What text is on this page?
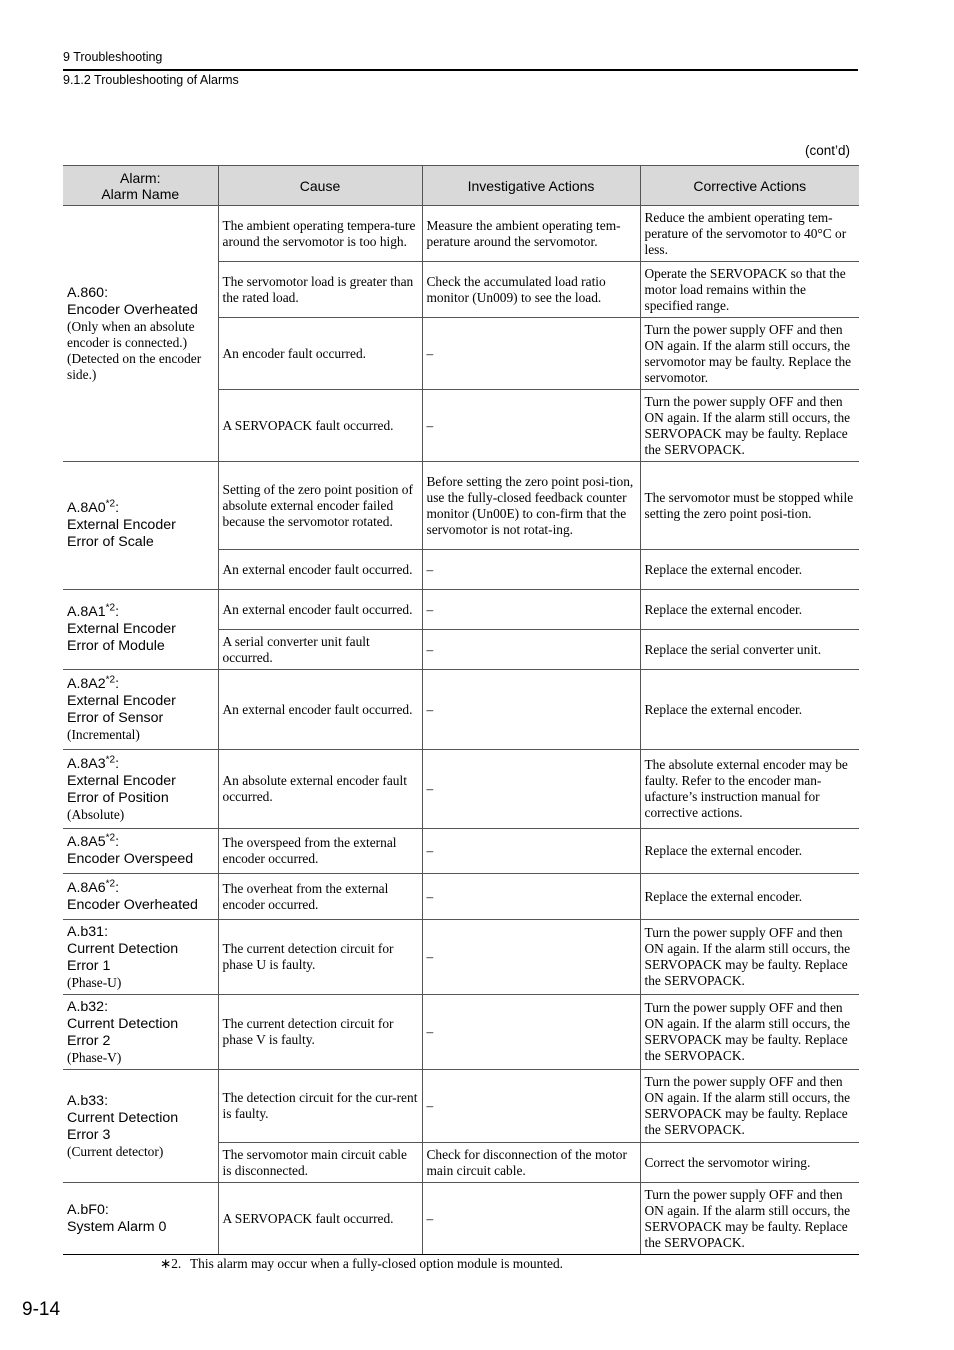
9 Troubleshooting
9.1.2 Troubleshooting of Alarms
(cont’d)
Alarm:
Alarm Name	Cause	Investigative Actions	Corrective Actions

A.860:
Encoder Overheated
(Only when an absolute encoder is connected.)
(Detected on the encoder side.)	The ambient operating tempera-ture around the servomotor is too high.	Measure the ambient operating tem-perature around the servomotor.	Reduce the ambient operating tem-perature of the servomotor to 40°C or less.
	The servomotor load is greater than the rated load.	Check the accumulated load ratio monitor (Un009) to see the load.	Operate the SERVOPACK so that the motor load remains within the specified range.
	An encoder fault occurred.	–	Turn the power supply OFF and then ON again. If the alarm still occurs, the servomotor may be faulty. Replace the servomotor.
	A SERVOPACK fault occurred.	–	Turn the power supply OFF and then ON again. If the alarm still occurs, the SERVOPACK may be faulty. Replace the SERVOPACK.

A.8A0$^{*2}$:
External Encoder
Error of Scale	Setting of the zero point position of absolute external encoder failed because the servomotor rotated.	Before setting the zero point posi-tion, use the fully-closed feedback counter monitor (Un00E) to con-firm that the servomotor is not rotat-ing.	The servomotor must be stopped while setting the zero point posi-tion.
	An external encoder fault occurred.	–	Replace the external encoder.

A.8A1$^{*2}$:
External Encoder
Error of Module	An external encoder fault occurred.	–	Replace the external encoder.
	A serial converter unit fault occurred.	–	Replace the serial converter unit.

A.8A2$^{*2}$:
External Encoder
Error of Sensor
(Incremental)	An external encoder fault occurred.	–	Replace the external encoder.

A.8A3$^{*2}$:
External Encoder
Error of Position
(Absolute)	An absolute external encoder fault occurred.	–	The absolute external encoder may be faulty. Refer to the encoder man-ufacture’s instruction manual for corrective actions.

A.8A5$^{*2}$:
Encoder Overspeed	The overspeed from the external encoder occurred.	–	Replace the external encoder.

A.8A6$^{*2}$:
Encoder Overheated	The overheat from the external encoder occurred.	–	Replace the external encoder.

A.b31:
Current Detection
Error 1
(Phase-U)	The current detection circuit for phase U is faulty.	–	Turn the power supply OFF and then ON again. If the alarm still occurs, the SERVOPACK may be faulty. Replace the SERVOPACK.

A.b32:
Current Detection
Error 2
(Phase-V)	The current detection circuit for phase V is faulty.	–	Turn the power supply OFF and then ON again. If the alarm still occurs, the SERVOPACK may be faulty. Replace the SERVOPACK.

A.b33:
Current Detection
Error 3
(Current detector)	The detection circuit for the cur-rent is faulty.	–	Turn the power supply OFF and then ON again. If the alarm still occurs, the SERVOPACK may be faulty. Replace the SERVOPACK.
	The servomotor main circuit cable is disconnected.	Check for disconnection of the motor main circuit cable.	Correct the servomotor wiring.

A.bF0:
System Alarm 0	A SERVOPACK fault occurred.	–	Turn the power supply OFF and then ON again. If the alarm still occurs, the SERVOPACK may be faulty. Replace the SERVOPACK.
∗2. This alarm may occur when a fully-closed option module is mounted.
9-14
